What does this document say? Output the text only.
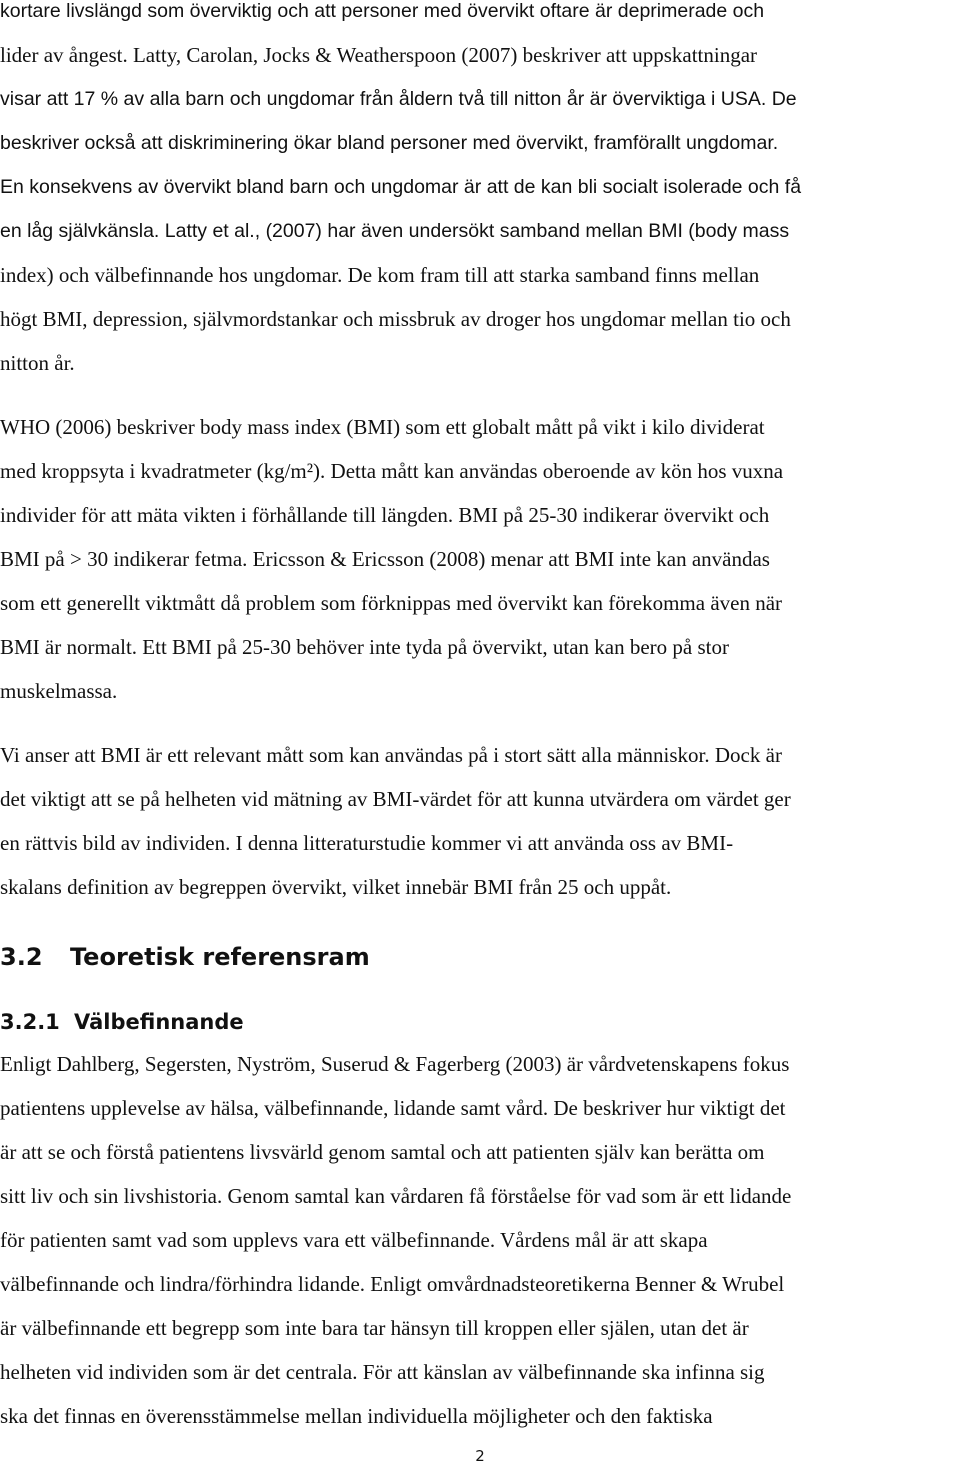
kortare livslängd som överviktig och att personer med övervikt oftare är deprimerade och
lider av ångest. Latty, Carolan, Jocks & Weatherspoon (2007) beskriver att uppskattningar
visar att 17 % av alla barn och ungdomar från åldern två till nitton år är överviktiga i USA. De
beskriver också att diskriminering ökar bland personer med övervikt, framförallt ungdomar.
En konsekvens av övervikt bland barn och ungdomar är att de kan bli socialt isolerade och få
en låg självkänsla. Latty et al., (2007) har även undersökt samband mellan BMI (body mass
index) och välbefinnande hos ungdomar. De kom fram till att starka samband finns mellan
högt BMI, depression, självmordstankar och missbruk av droger hos ungdomar mellan tio och
nitton år.
WHO (2006) beskriver body mass index (BMI) som ett globalt mått på vikt i kilo dividerat
med kroppsyta i kvadratmeter (kg/m²). Detta mått kan användas oberoende av kön hos vuxna
individer för att mäta vikten i förhållande till längden. BMI på 25-30 indikerar övervikt och
BMI på > 30 indikerar fetma. Ericsson & Ericsson (2008) menar att BMI inte kan användas
som ett generellt viktmått då problem som förknippas med övervikt kan förekomma även när
BMI är normalt. Ett BMI på 25-30 behöver inte tyda på övervikt, utan kan bero på stor
muskelmassa.
Vi anser att BMI är ett relevant mått som kan användas på i stort sätt alla människor. Dock är
det viktigt att se på helheten vid mätning av BMI-värdet för att kunna utvärdera om värdet ger
en rättvis bild av individen. I denna litteraturstudie kommer vi att använda oss av BMI-
skalans definition av begreppen övervikt, vilket innebär BMI från 25 och uppåt.
3.2 Teoretisk referensram
3.2.1 Välbefinnande
Enligt Dahlberg, Segersten, Nyström, Suserud & Fagerberg (2003) är vårdvetenskapens fokus
patientens upplevelse av hälsa, välbefinnande, lidande samt vård. De beskriver hur viktigt det
är att se och förstå patientens livsvärld genom samtal och att patienten själv kan berätta om
sitt liv och sin livshistoria. Genom samtal kan vårdaren få förståelse för vad som är ett lidande
för patienten samt vad som upplevs vara ett välbefinnande. Vårdens mål är att skapa
välbefinnande och lindra/förhindra lidande. Enligt omvårdnadsteoretikerna Benner & Wrubel
är välbefinnande ett begrepp som inte bara tar hänsyn till kroppen eller själen, utan det är
helheten vid individen som är det centrala. För att känslan av välbefinnande ska infinna sig
ska det finnas en överensstämmelse mellan individuella möjligheter och den faktiska
2
